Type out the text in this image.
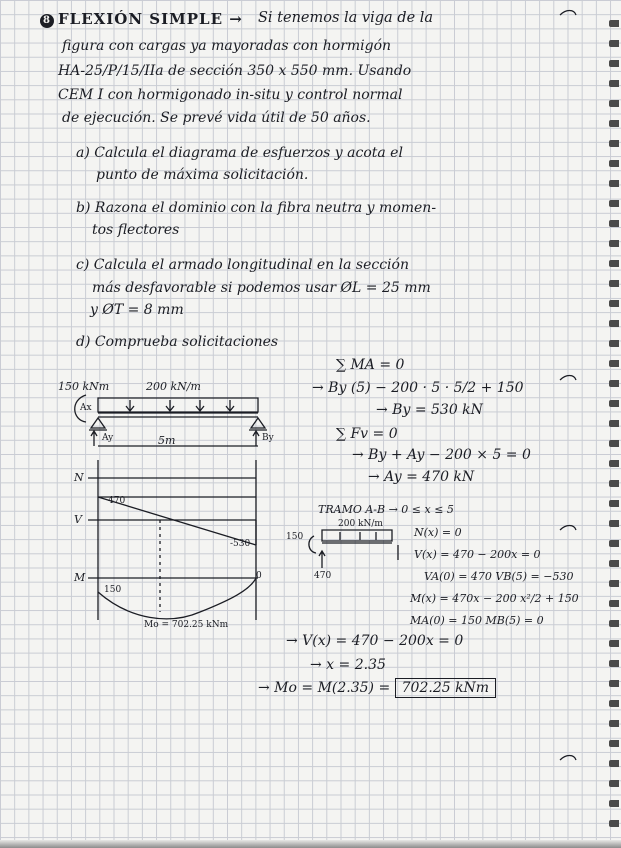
8 FLEXIÓN SIMPLE → Si tenemos la viga de la
figura con cargas ya mayoradas con hormigón
HA-25/P/15/IIa de sección 350 x 550 mm. Usando
CEM I con hormigonado in-situ y control normal
de ejecución. Se prevé vida útil de 50 años.
a) Calcula el diagrama de esfuerzos y acota el
punto de máxima solicitación.
b) Razona el dominio con la fibra neutra y momen-
tos flectores
c) Calcula el armado longitudinal en la sección
más desfavorable si podemos usar ØL = 25 mm
y ØT = 8 mm
d) Comprueba solicitaciones
150 kNm	200 kN/m
Ax
Ay	By
5m
N
V
M
470
-530
150
0
Mo = 702.25 kNm
∑ MA = 0
→ By (5) − 200 · 5 · 5/2 + 150
→ By = 530 kN
∑ Fv = 0
→ By + Ay − 200 × 5 = 0
→ Ay = 470 kN
TRAMO A-B → 0 ≤ x ≤ 5
200 kN/m
150
470
N(x) = 0
V(x) = 470 − 200x = 0
VA(0) = 470 VB(5) = −530
M(x) = 470x − 200 x²/2 + 150
MA(0) = 150 MB(5) = 0
→ V(x) = 470 − 200x = 0
→ x = 2.35
→ Mo = M(2.35) = 702.25 kNm
